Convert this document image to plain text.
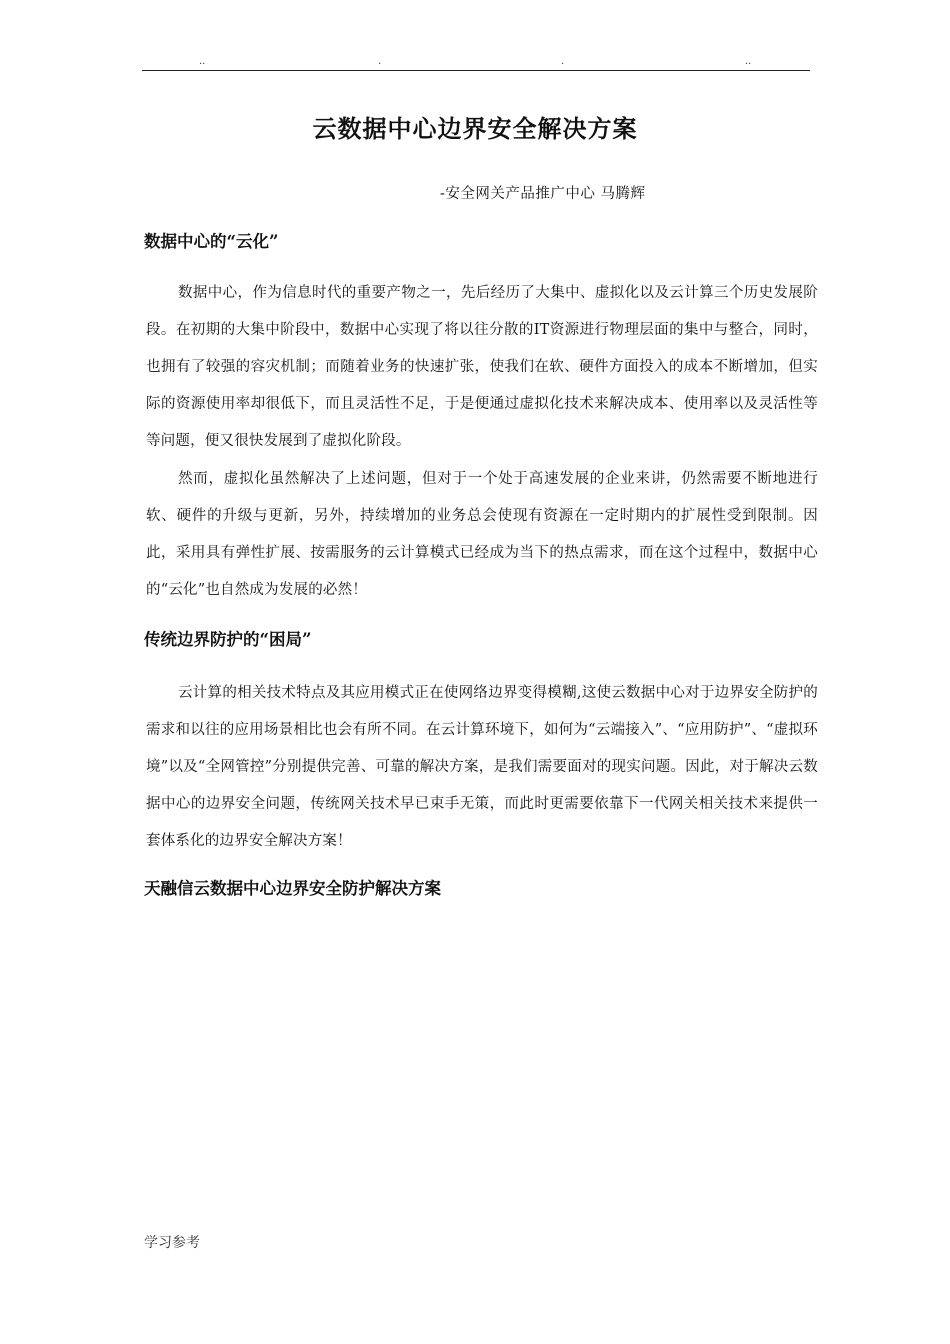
..	.	.	..
云数据中心边界安全解决方案
-安全网关产品推广中心 马腾辉
数据中心的“云化”

数据中心，作为信息时代的重要产物之一，先后经历了大集中、虚拟化以及云计算三个历史发展阶段。在初期的大集中阶段中，数据中心实现了将以往分散的IT资源进行物理层面的集中与整合，同时，也拥有了较强的容灾机制；而随着业务的快速扩张，使我们在软、硬件方面投入的成本不断增加，但实际的资源使用率却很低下，而且灵活性不足，于是便通过虚拟化技术来解决成本、使用率以及灵活性等等问题，便又很快发展到了虚拟化阶段。

然而，虚拟化虽然解决了上述问题，但对于一个处于高速发展的企业来讲，仍然需要不断地进行软、硬件的升级与更新，另外，持续增加的业务总会使现有资源在一定时期内的扩展性受到限制。因此，采用具有弹性扩展、按需服务的云计算模式已经成为当下的热点需求，而在这个过程中，数据中心的“云化”也自然成为发展的必然！

传统边界防护的“困局”

云计算的相关技术特点及其应用模式正在使网络边界变得模糊,这使云数据中心对于边界安全防护的需求和以往的应用场景相比也会有所不同。在云计算环境下，如何为“云端接入”、“应用防护”、“虚拟环境”以及“全网管控”分别提供完善、可靠的解决方案，是我们需要面对的现实问题。因此，对于解决云数据中心的边界安全问题，传统网关技术早已束手无策，而此时更需要依靠下一代网关相关技术来提供一套体系化的边界安全解决方案！

天融信云数据中心边界安全防护解决方案
学习参考
